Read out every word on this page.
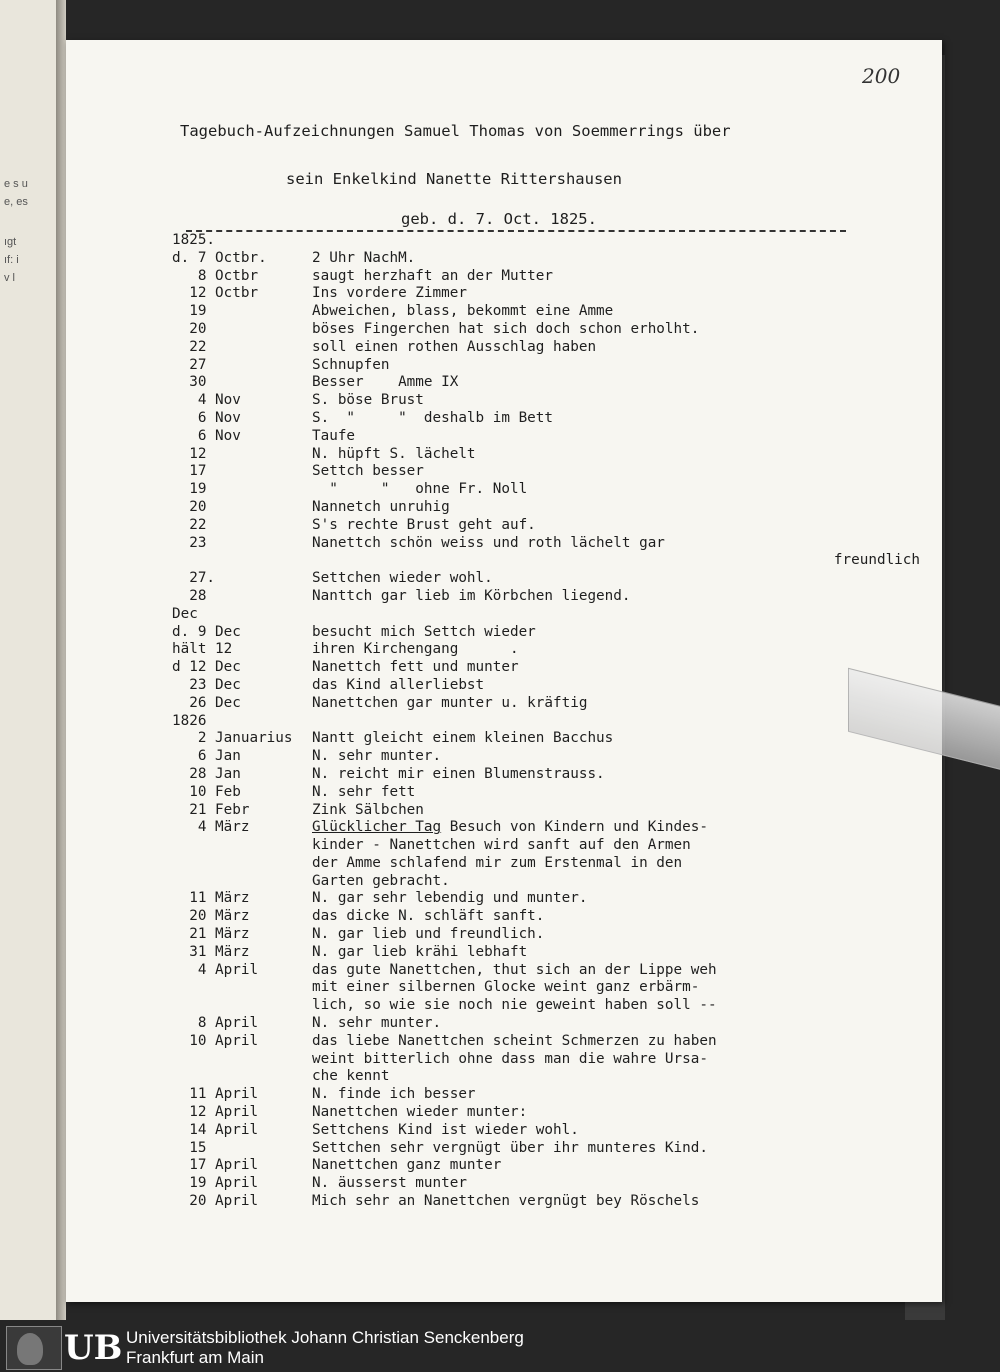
e s u
e, es
ıgt
ıf: i
v l
200
Tagebuch-Aufzeichnungen Samuel Thomas von Soemmerrings über
sein Enkelkind Nanette Rittershausen
geb. d. 7. Oct. 1825.
1825.
d. 7 Octbr.	2 Uhr NachM.
8 Octbr	saugt herzhaft an der Mutter
12 Octbr	Ins vordere Zimmer
19	Abweichen, blass, bekommt eine Amme
20	böses Fingerchen hat sich doch schon erholht.
22	soll einen rothen Ausschlag haben
27	Schnupfen
30	Besser    Amme IX
4 Nov	S. böse Brust
6 Nov	S.  "     "  deshalb im Bett
6 Nov	Taufe
12	N. hüpft S. lächelt
17	Settch besser
19	"     "   ohne Fr. Noll
20	Nannetch unruhig
22	S's rechte Brust geht auf.
23	Nanettch schön weiss und roth lächelt gar
freundlich
27.	Settchen wieder wohl.
28	Nanttch gar lieb im Körbchen liegend.
Dec
d. 9 Dec	besucht mich Settch wieder
hält 12	ihren Kirchengang      .
d 12 Dec	Nanettch fett und munter
23 Dec	das Kind allerliebst
26 Dec	Nanettchen gar munter u. kräftig
1826
2 Januarius	Nantt gleicht einem kleinen Bacchus
6 Jan	N. sehr munter.
28 Jan	N. reicht mir einen Blumenstrauss.
10 Feb	N. sehr fett
21 Febr	Zink Sälbchen
4 März	Glücklicher Tag Besuch von Kindern und Kindes-
kinder - Nanettchen wird sanft auf den Armen
der Amme schlafend mir zum Erstenmal in den
Garten gebracht.
11 März	N. gar sehr lebendig und munter.
20 März	das dicke N. schläft sanft.
21 März	N. gar lieb und freundlich.
31 März	N. gar lieb krähi lebhaft
4 April	das gute Nanettchen, thut sich an der Lippe weh
mit einer silbernen Glocke weint ganz erbärm-
lich, so wie sie noch nie geweint haben soll --
8 April	N. sehr munter.
10 April	das liebe Nanettchen scheint Schmerzen zu haben
weint bitterlich ohne dass man die wahre Ursa-
che kennt
11 April	N. finde ich besser
12 April	Nanettchen wieder munter:
14 April	Settchens Kind ist wieder wohl.
15	Settchen sehr vergnügt über ihr munteres Kind.
17 April	Nanettchen ganz munter
19 April	N. äusserst munter
20 April	Mich sehr an Nanettchen vergnügt bey Röschels
UB Universitätsbibliothek Johann Christian Senckenberg
Frankfurt am Main
